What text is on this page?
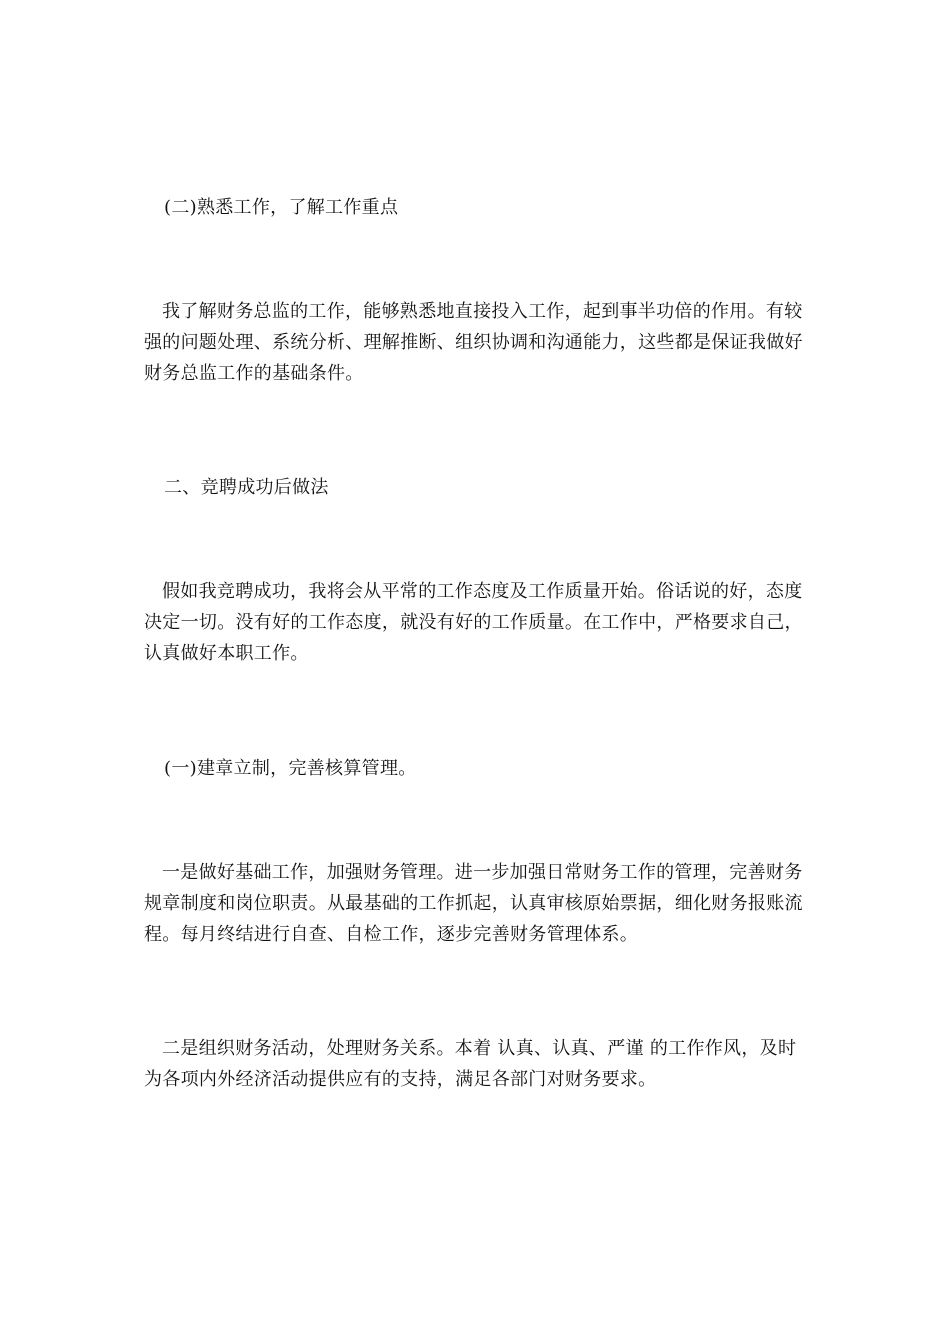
(二)熟悉工作，了解工作重点
我了解财务总监的工作，能够熟悉地直接投入工作，起到事半功倍的作用。有较强的问题处理、系统分析、理解推断、组织协调和沟通能力，这些都是保证我做好财务总监工作的基础条件。
二、竞聘成功后做法
假如我竞聘成功，我将会从平常的工作态度及工作质量开始。俗话说的好，态度决定一切。没有好的工作态度，就没有好的工作质量。在工作中，严格要求自己，认真做好本职工作。
(一)建章立制，完善核算管理。
一是做好基础工作，加强财务管理。进一步加强日常财务工作的管理，完善财务规章制度和岗位职责。从最基础的工作抓起，认真审核原始票据，细化财务报账流程。每月终结进行自查、自检工作，逐步完善财务管理体系。
二是组织财务活动，处理财务关系。本着 认真、认真、严谨 的工作作风，及时为各项内外经济活动提供应有的支持，满足各部门对财务要求。
